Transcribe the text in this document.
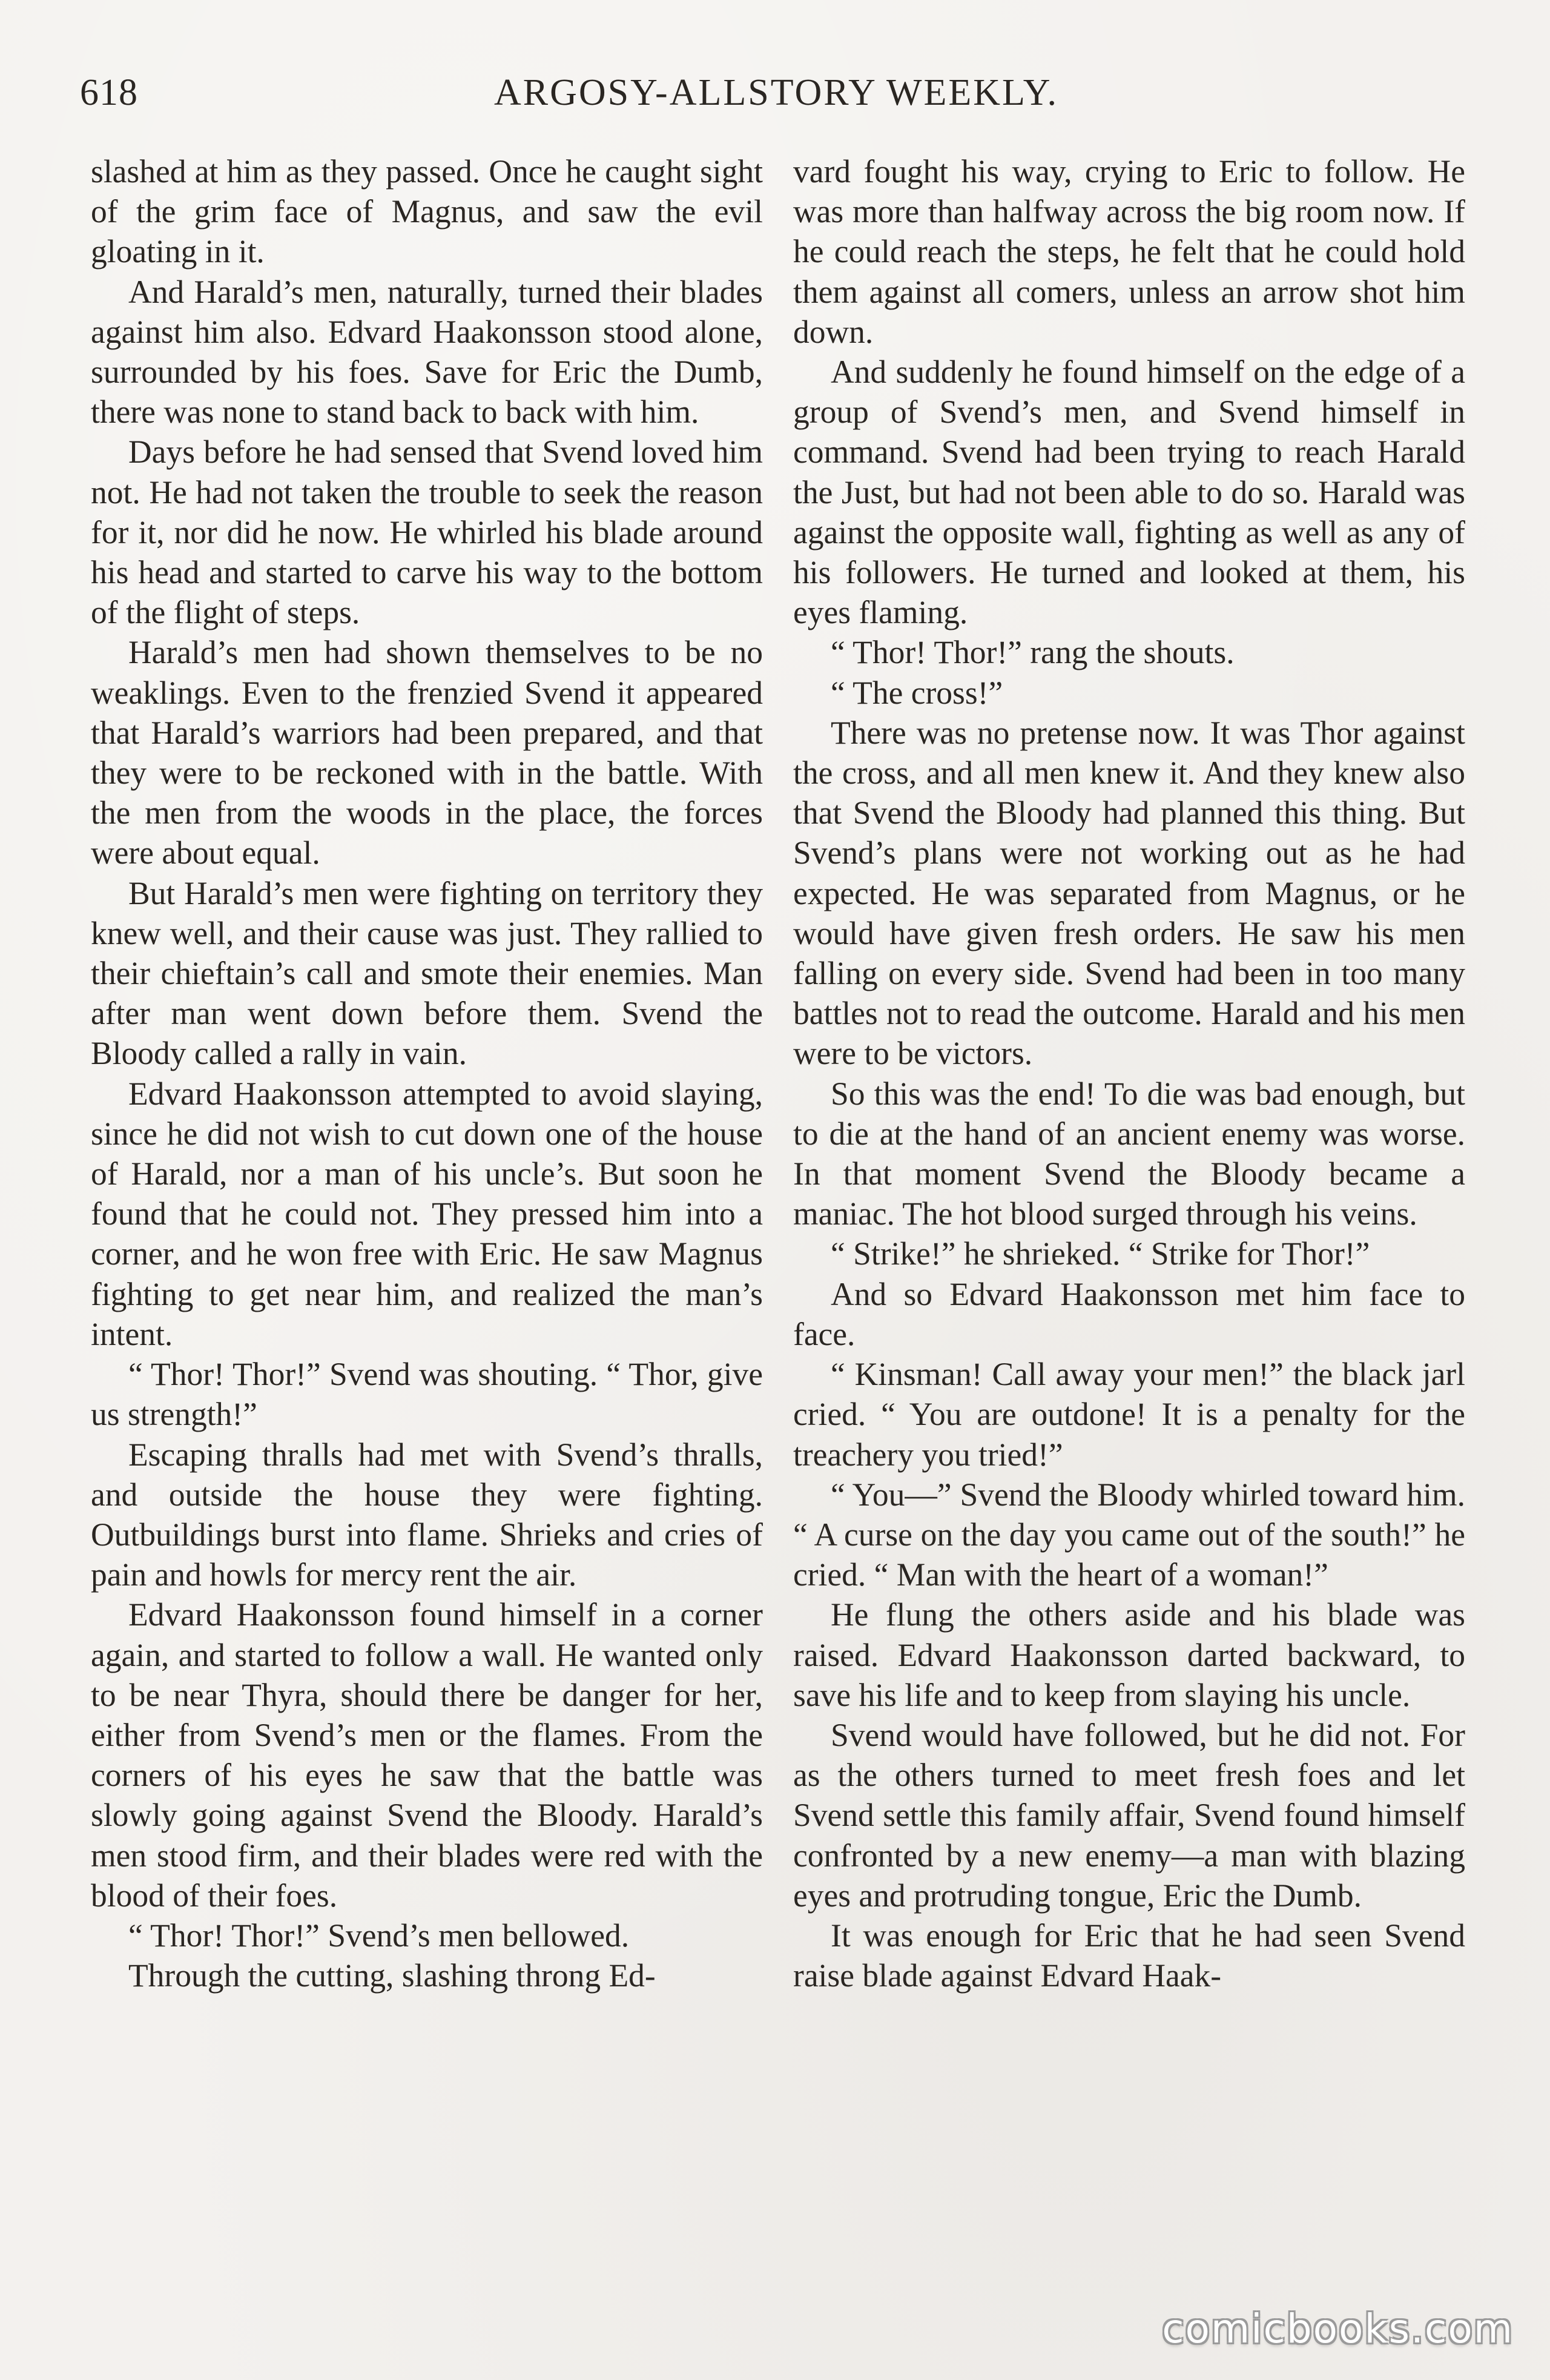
618	ARGOSY-ALLSTORY WEEKLY.

slashed at him as they passed. Once he caught sight of the grim face of Magnus, and saw the evil gloating in it.

And Harald’s men, naturally, turned their blades against him also. Edvard Haakonsson stood alone, surrounded by his foes. Save for Eric the Dumb, there was none to stand back to back with him.

Days before he had sensed that Svend loved him not. He had not taken the trouble to seek the reason for it, nor did he now. He whirled his blade around his head and started to carve his way to the bottom of the flight of steps.

Harald’s men had shown themselves to be no weaklings. Even to the frenzied Svend it appeared that Harald’s warriors had been prepared, and that they were to be reckoned with in the battle. With the men from the woods in the place, the forces were about equal.

But Harald’s men were fighting on territory they knew well, and their cause was just. They rallied to their chieftain’s call and smote their enemies. Man after man went down before them. Svend the Bloody called a rally in vain.

Edvard Haakonsson attempted to avoid slaying, since he did not wish to cut down one of the house of Harald, nor a man of his uncle’s. But soon he found that he could not. They pressed him into a corner, and he won free with Eric. He saw Magnus fighting to get near him, and realized the man’s intent.

“ Thor! Thor!” Svend was shouting. “ Thor, give us strength!”

Escaping thralls had met with Svend’s thralls, and outside the house they were fighting. Outbuildings burst into flame. Shrieks and cries of pain and howls for mercy rent the air.

Edvard Haakonsson found himself in a corner again, and started to follow a wall. He wanted only to be near Thyra, should there be danger for her, either from Svend’s men or the flames. From the corners of his eyes he saw that the battle was slowly going against Svend the Bloody. Harald’s men stood firm, and their blades were red with the blood of their foes.

“ Thor! Thor!” Svend’s men bellowed.

Through the cutting, slashing throng Ed-

vard fought his way, crying to Eric to follow. He was more than halfway across the big room now. If he could reach the steps, he felt that he could hold them against all comers, unless an arrow shot him down.

And suddenly he found himself on the edge of a group of Svend’s men, and Svend himself in command. Svend had been trying to reach Harald the Just, but had not been able to do so. Harald was against the opposite wall, fighting as well as any of his followers. He turned and looked at them, his eyes flaming.

“ Thor! Thor!” rang the shouts.

“ The cross!”

There was no pretense now. It was Thor against the cross, and all men knew it. And they knew also that Svend the Bloody had planned this thing. But Svend’s plans were not working out as he had expected. He was separated from Magnus, or he would have given fresh orders. He saw his men falling on every side. Svend had been in too many battles not to read the outcome. Harald and his men were to be victors.

So this was the end! To die was bad enough, but to die at the hand of an ancient enemy was worse. In that moment Svend the Bloody became a maniac. The hot blood surged through his veins.

“ Strike!” he shrieked. “ Strike for Thor!”

And so Edvard Haakonsson met him face to face.

“ Kinsman! Call away your men!” the black jarl cried. “ You are outdone! It is a penalty for the treachery you tried!”

“ You—” Svend the Bloody whirled toward him. “ A curse on the day you came out of the south!” he cried. “ Man with the heart of a woman!”

He flung the others aside and his blade was raised. Edvard Haakonsson darted backward, to save his life and to keep from slaying his uncle.

Svend would have followed, but he did not. For as the others turned to meet fresh foes and let Svend settle this family affair, Svend found himself confronted by a new enemy—a man with blazing eyes and protruding tongue, Eric the Dumb.

It was enough for Eric that he had seen Svend raise blade against Edvard Haak-

comicbooks.com
